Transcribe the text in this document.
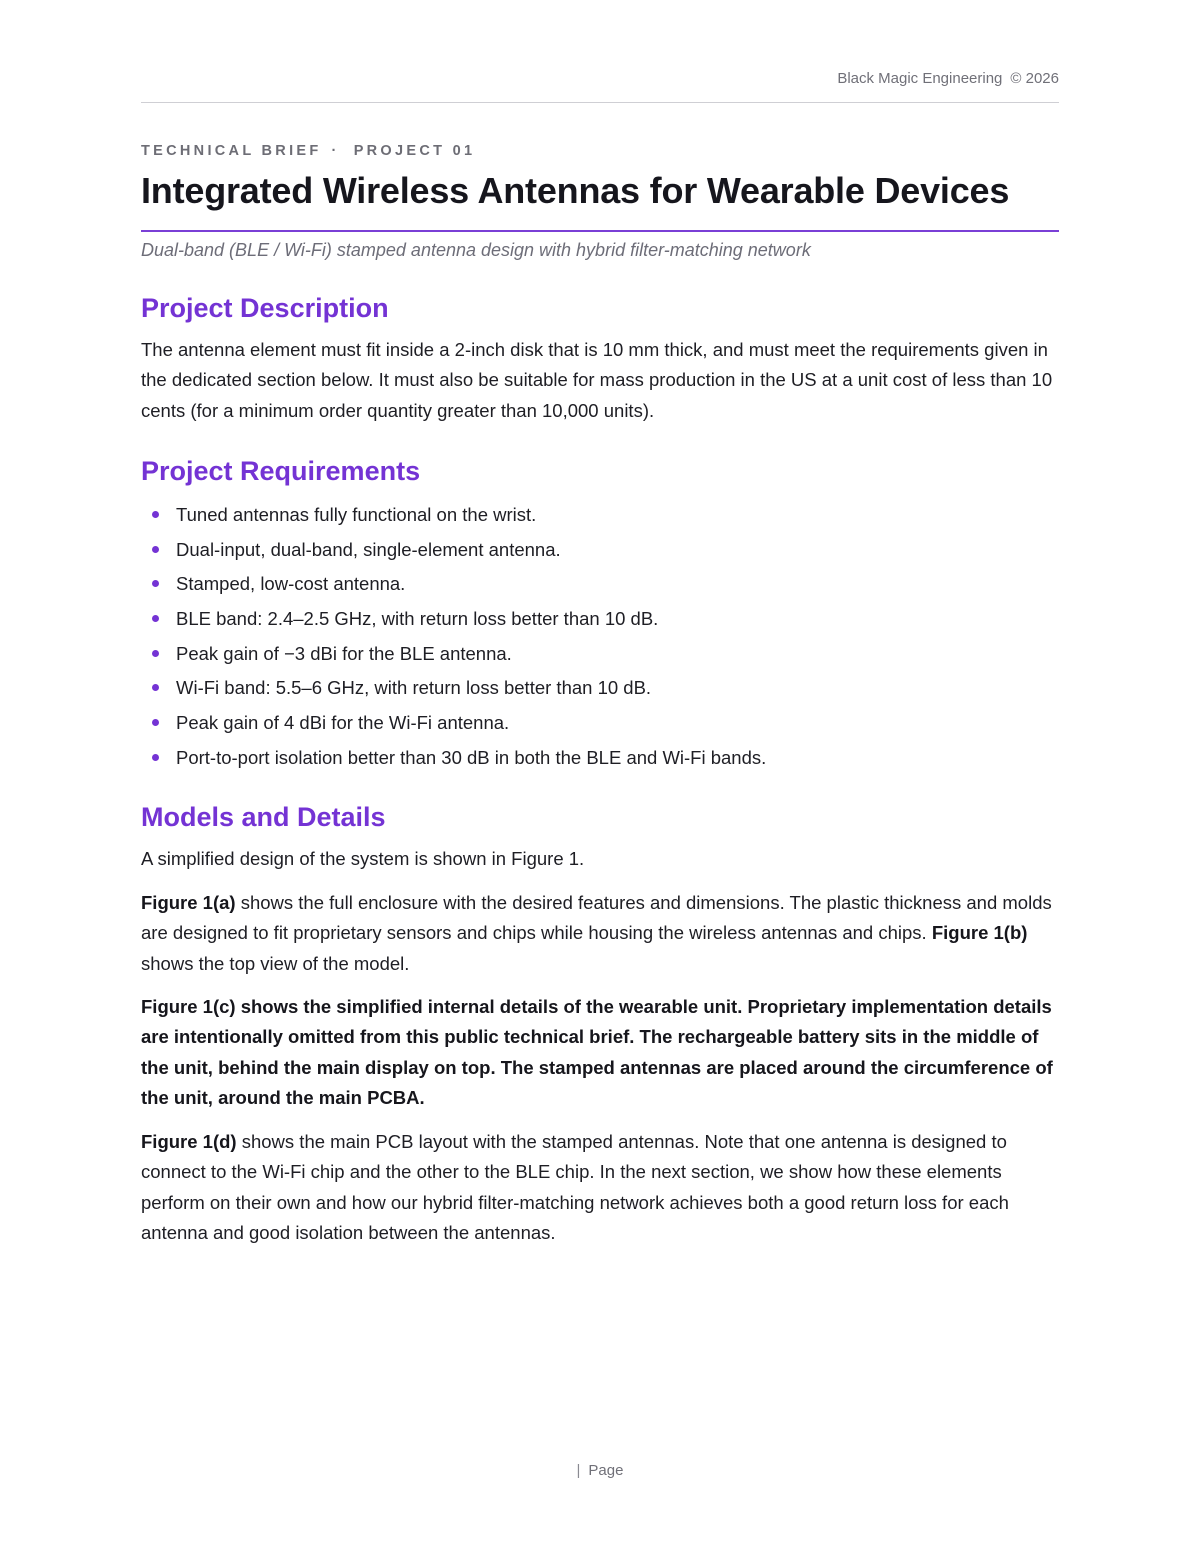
Black Magic Engineering © 2026
TECHNICAL BRIEF · PROJECT 01
Integrated Wireless Antennas for Wearable Devices
Dual-band (BLE / Wi-Fi) stamped antenna design with hybrid filter-matching network
Project Description

The antenna element must fit inside a 2-inch disk that is 10 mm thick, and must meet the requirements given in the dedicated section below. It must also be suitable for mass production in the US at a unit cost of less than 10 cents (for a minimum order quantity greater than 10,000 units).

Project Requirements
Tuned antennas fully functional on the wrist.
Dual-input, dual-band, single-element antenna.
Stamped, low-cost antenna.
BLE band: 2.4–2.5 GHz, with return loss better than 10 dB.
Peak gain of −3 dBi for the BLE antenna.
Wi-Fi band: 5.5–6 GHz, with return loss better than 10 dB.
Peak gain of 4 dBi for the Wi-Fi antenna.
Port-to-port isolation better than 30 dB in both the BLE and Wi-Fi bands.
Models and Details

A simplified design of the system is shown in Figure 1.

Figure 1(a) shows the full enclosure with the desired features and dimensions. The plastic thickness and molds are designed to fit proprietary sensors and chips while housing the wireless antennas and chips. Figure 1(b) shows the top view of the model.

Figure 1(c) shows the simplified internal details of the wearable unit. Proprietary implementation details are intentionally omitted from this public technical brief. The rechargeable battery sits in the middle of the unit, behind the main display on top. The stamped antennas are placed around the circumference of the unit, around the main PCBA.

Figure 1(d) shows the main PCB layout with the stamped antennas. Note that one antenna is designed to connect to the Wi-Fi chip and the other to the BLE chip. In the next section, we show how these elements perform on their own and how our hybrid filter-matching network achieves both a good return loss for each antenna and good isolation between the antennas.

| Page
